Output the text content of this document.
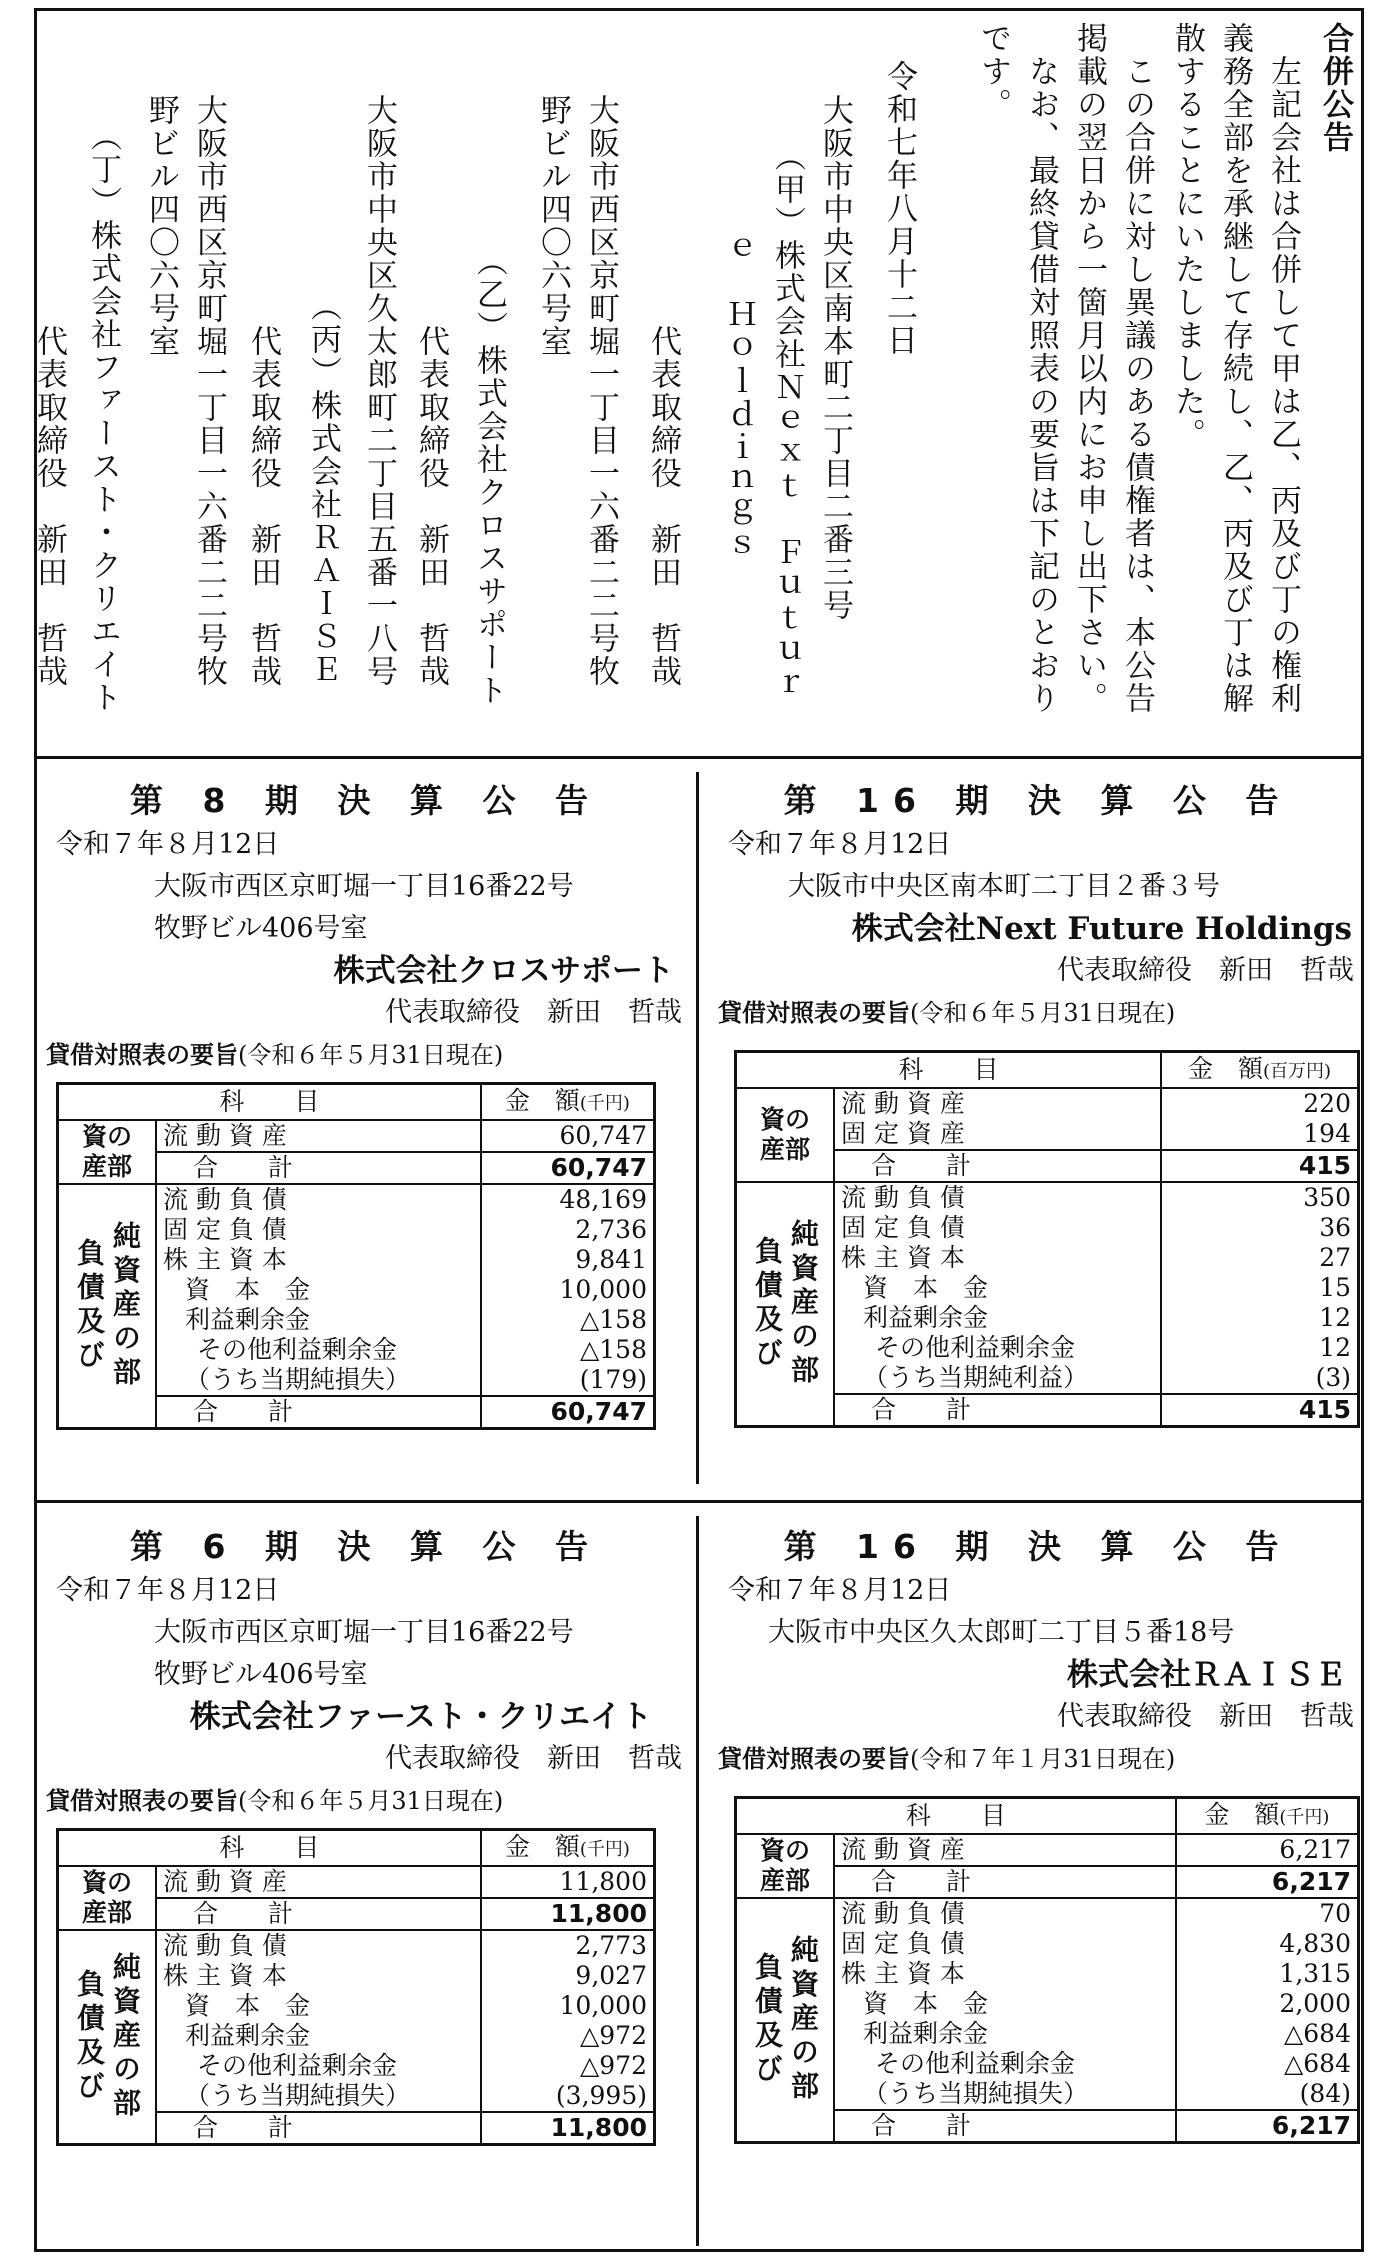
合併公告
　左記会社は合併して甲は乙、丙及び丁の権利
義務全部を承継して存続し、乙、丙及び丁は解
散することにいたしました。
　この合併に対し異議のある債権者は、本公告
掲載の翌日から一箇月以内にお申し出下さい。
　なお、最終貸借対照表の要旨は下記のとおり
です。
令和七年八月十二日
大阪市中央区南本町二丁目二番三号
（甲）株式会社Ｎｅｘｔ　Ｆｕｔｕｒ
ｅ　Ｈｏｌｄｉｎｇｓ
代表取締役　新田　哲哉
大阪市西区京町堀一丁目一六番二二号牧
野ビル四〇六号室
（乙）株式会社クロスサポート
代表取締役　新田　哲哉
大阪市中央区久太郎町二丁目五番一八号
（丙）株式会社ＲＡＩＳＥ
代表取締役　新田　哲哉
大阪市西区京町堀一丁目一六番二二号牧
野ビル四〇六号室
（丁）株式会社ファースト・クリエイト
代表取締役　新田　哲哉
第 8 期 決 算 公 告
令和７年８月12日
大阪市西区京町堀一丁目16番22号
牧野ビル406号室
株式会社クロスサポート
代表取締役　新田　哲哉
貸借対照表の要旨(令和６年５月31日現在)
科　　目		金　額(千円)

資の
産部	流 動 資 産	60,747
	合　　計	60,747

負債及び 純資産の部	流 動 負 債	48,169
	固 定 負 債	2,736
	株 主 資 本	9,841
	資　本　金	10,000
	利益剰余金	△158
	その他利益剰余金	△158
	（うち当期純損失）	(179)
	合　　計	60,747
第 16 期 決 算 公 告
令和７年８月12日
大阪市中央区南本町二丁目２番３号
株式会社Next Future Holdings
代表取締役　新田　哲哉
貸借対照表の要旨(令和６年５月31日現在)
科　　目		金　額(百万円)

資の
産部	流 動 資 産	220
	固 定 資 産	194
	合　　計	415

負債及び 純資産の部	流 動 負 債	350
	固 定 負 債	36
	株 主 資 本	27
	資　本　金	15
	利益剰余金	12
	その他利益剰余金	12
	（うち当期純利益）	(3)
	合　　計	415
第 6 期 決 算 公 告
令和７年８月12日
大阪市西区京町堀一丁目16番22号
牧野ビル406号室
株式会社ファースト・クリエイト
代表取締役　新田　哲哉
貸借対照表の要旨(令和６年５月31日現在)
科　　目		金　額(千円)

資の
産部	流 動 資 産	11,800
	合　　計	11,800

負債及び 純資産の部	流 動 負 債	2,773
	株 主 資 本	9,027
	資　本　金	10,000
	利益剰余金	△972
	その他利益剰余金	△972
	（うち当期純損失）	(3,995)
	合　　計	11,800
第 16 期 決 算 公 告
令和７年８月12日
大阪市中央区久太郎町二丁目５番18号
株式会社ＲＡＩＳＥ
代表取締役　新田　哲哉
貸借対照表の要旨(令和７年１月31日現在)
科　　目		金　額(千円)

資の
産部	流 動 資 産	6,217
	合　　計	6,217

負債及び 純資産の部	流 動 負 債	70
	固 定 負 債	4,830
	株 主 資 本	1,315
	資　本　金	2,000
	利益剰余金	△684
	その他利益剰余金	△684
	（うち当期純損失）	(84)
	合　　計	6,217
